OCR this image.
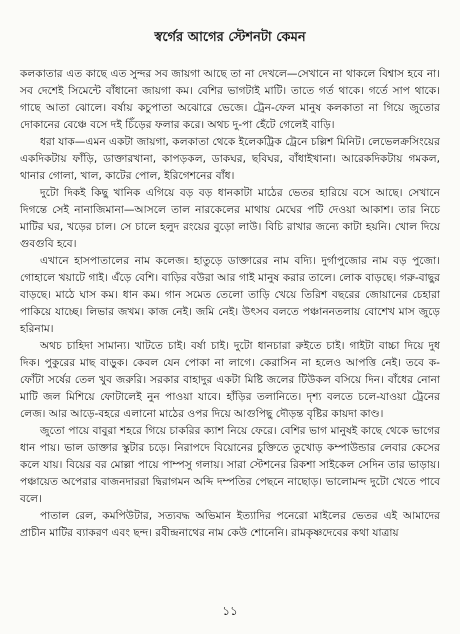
স্বর্গের আগের স্টেশনটা কেমন

কলকাতার এত কাছে এত সুন্দর সব জায়গা আছে তা না দেখলে—সেখানে না থাকলে বিশ্বাস হবে না। সব দেশেই সিমেন্টে বাঁধানো জায়গা কম। বেশির ভাগটাই মাটি। তাতে গর্ত থাকে। গর্তে সাপ থাকে। গাছে আতা ঝোলে। বর্ষায় কচুপাতা অঝোরে ভেজে। ট্রেন-ফেল মানুষ কলকাতা না গিয়ে জুতোর দোকানের বেঞ্চে বসে দই চিঁড়ের ফলার করে। অথচ দু-পা হেঁটে গেলেই বাড়ি।

ধরা যাক—এমন একটা জায়গা, কলকাতা থেকে ইলেকট্রিক ট্রেনে চল্লিশ মিনিট। লেভেলক্রসিংয়ের একদিকটায় ফাঁড়ি, ডাক্তারখানা, কাপড়কল, ডাকঘর, ছবিঘর, বাঁধাইখানা। আরেকদিকটায় গমকল, থানার গোলা, খাল, কাটের পোল, ইরিগেশনের বাঁধ।

দুটো দিকই কিছু খানিক এগিয়ে বড় বড় ধানকাটা মাঠের ভেতর হারিয়ে বসে আছে। সেখানে দিগন্তে সেই নানাজিমানা—আসলে তাল নারকেলের মাথায় মেঘের পটি দেওয়া আকাশ। তার নিচে মাটির ঘর, খড়ের চাল। সে চালে হলুদ রংয়ের বুড়ো লাউ। বিচি রাখার জন্যে কাটা হয়নি। খোল দিয়ে গুবগুবি হবে।

এখানে হাসপাতালের নাম কলেজ। হাতুড়ে ডাক্তারের নাম বদ্যি। দুর্গাপুজোর নাম বড় পুজো। গোহালে খয়াটে গাই। এঁড়ে বেশি। বাড়ির বউরা আর গাই মানুষ করার তালে। লোক বাড়ছে। গরু-বাছুর বাড়ছে। মাঠে ঘাস কম। ধান কম। গান সমেত তেলো তাড়ি খেয়ে তিরিশ বছরের জোয়ানের চেহারা পাকিয়ে যাচ্ছে। লিভার জখম। কাজ নেই। জমি নেই। উৎসব বলতে পঞ্চাননতলায় বোশেখ মাস জুড়ে হরিনাম।

অথচ চাহিদা সামান্য। খাটতে চাই। বর্ষা চাই। দুটো ধানচারা রুইতে চাই। গাইটা বাচ্চা দিয়ে দুধ দিক। পুকুরের মাছ বাড়ুক। কেবল যেন পোকা না লাগে। কেরাসিন না হলেও আপত্তি নেই। তবে ক-ফোঁটা সর্ষের তেল খুব জরুরি। সরকার বাহাদুর একটা মিষ্টি জলের টিউকল বসিয়ে দিন। বাঁধের নোনা মাটি জল মিশিয়ে ফোটালেই নুন পাওয়া যাবে। হাঁড়ির তলানিতে। দৃশ্য বলতে চলে-যাওয়া ট্রেনের লেজ। আর আড়ে-বহরে এলানো মাঠের ওপর দিয়ে আগুপিছু দৌড়ন্ত বৃষ্টির কায়দা কাণ্ড।

জুতো পায়ে বাবুরা শহরে গিয়ে চাকরির ক্যাশ নিয়ে ফেরে। বেশির ভাগ মানুষই কাছে থেকে ভাগের ধান পায়। ভাল ডাক্তার স্কুটার চড়ে। নিরাপদে বিয়োনের চুক্তিতে তুখোড় কম্পাউন্ডার লেবার কেসের কলে যায়। বিয়ের বর মোল্লা পায়ে পাম্পসু গলায়। সারা স্টেশনের রিকশা সাইকেল সেদিন তার ভাড়ায়। পঞ্চায়েত অপেরার বাজনদাররা দ্বিরাগমন অব্দি দম্পতির পেছনে নাছোড়। ভালোমন্দ দুটো খেতে পাবে বলে।

পাতাল রেল, কমপিউটার, সত্যবদ্ধ অভিমান ইত্যাদির পনেরো মাইলের ভেতর এই আমাদের প্রাচীন মাটির ব্যাকরণ এবং ছন্দ। রবীন্দ্রনাথের নাম কেউ শোনেনি। রামকৃষ্ণদেবের কথা যাত্রায়

১১
